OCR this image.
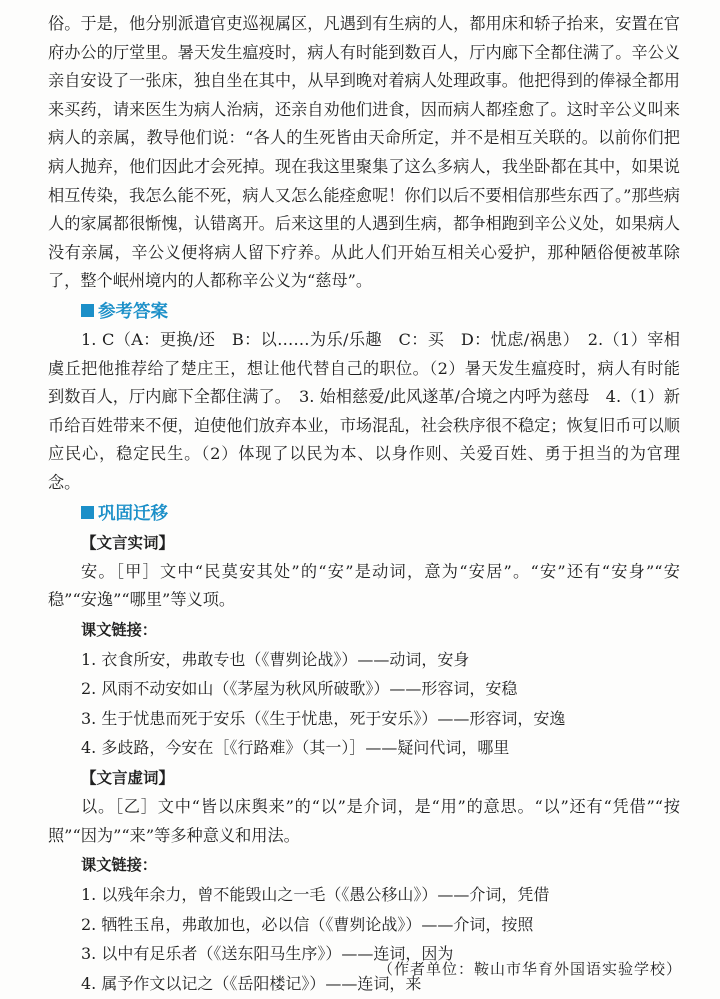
俗。于是，他分别派遣官吏巡视属区，凡遇到有生病的人，都用床和轿子抬来，安置在官府办公的厅堂里。暑天发生瘟疫时，病人有时能到数百人，厅内廊下全都住满了。辛公义亲自安设了一张床，独自坐在其中，从早到晚对着病人处理政事。他把得到的俸禄全都用来买药，请来医生为病人治病，还亲自劝他们进食，因而病人都痊愈了。这时辛公义叫来病人的亲属，教导他们说：“各人的生死皆由天命所定，并不是相互关联的。以前你们把病人抛弃，他们因此才会死掉。现在我这里聚集了这么多病人，我坐卧都在其中，如果说相互传染，我怎么能不死，病人又怎么能痊愈呢！你们以后不要相信那些东西了。”那些病人的家属都很惭愧，认错离开。后来这里的人遇到生病，都争相跑到辛公义处，如果病人没有亲属，辛公义便将病人留下疗养。从此人们开始互相关心爱护，那种陋俗便被革除了，整个岷州境内的人都称辛公义为“慈母”。

参考答案

1. C（A：更换/还　B：以……为乐/乐趣　C：买　D：忧虑/祸患）　2.（1）宰相虞丘把他推荐给了楚庄王，想让他代替自己的职位。（2）暑天发生瘟疫时，病人有时能到数百人，厅内廊下全都住满了。　3. 始相慈爱/此风遂革/合境之内呼为慈母　4.（1）新币给百姓带来不便，迫使他们放弃本业，市场混乱，社会秩序很不稳定；恢复旧币可以顺应民心，稳定民生。（2）体现了以民为本、以身作则、关爱百姓、勇于担当的为官理念。

巩固迁移
【文言实词】

安。［甲］文中“民莫安其处”的“安”是动词，意为“安居”。“安”还有“安身”“安稳”“安逸”“哪里”等义项。

课文链接：
1. 衣食所安，弗敢专也（《曹刿论战》）——动词，安身
2. 风雨不动安如山（《茅屋为秋风所破歌》）——形容词，安稳
3. 生于忧患而死于安乐（《生于忧患，死于安乐》）——形容词，安逸
4. 多歧路，今安在［《行路难》（其一）］——疑问代词，哪里
【文言虚词】

以。［乙］文中“皆以床舆来”的“以”是介词，是“用”的意思。“以”还有“凭借”“按照”“因为”“来”等多种意义和用法。

课文链接：
1. 以残年余力，曾不能毁山之一毛（《愚公移山》）——介词，凭借
2. 牺牲玉帛，弗敢加也，必以信（《曹刿论战》）——介词，按照
3. 以中有足乐者（《送东阳马生序》）——连词，因为
4. 属予作文以记之（《岳阳楼记》）——连词，来
（作者单位：鞍山市华育外国语实验学校）
